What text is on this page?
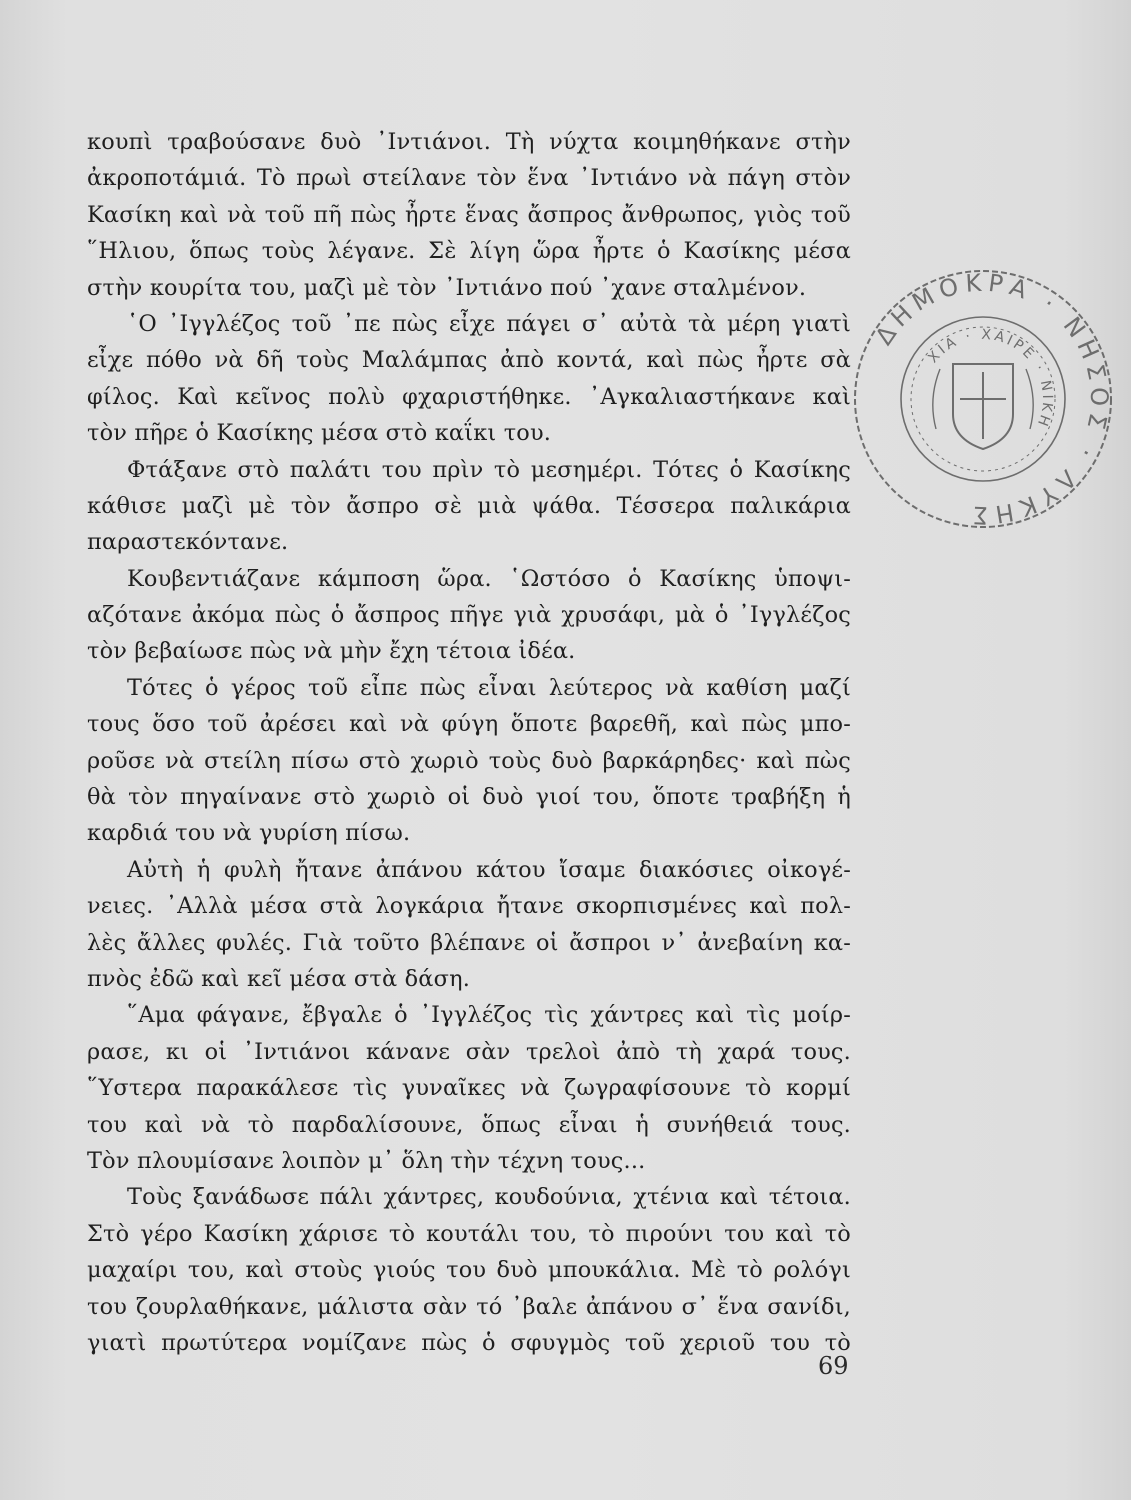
κουπὶ τραβούσανε δυὸ ᾿Ιντιάνοι. Τὴ νύχτα κοιμηθήκανε στὴν
ἀκροποτάμιά. Τὸ πρωὶ στείλανε τὸν ἕνα ᾿Ιντιάνο νὰ πάγη στὸν
Κασίκη καὶ νὰ τοῦ πῆ πὼς ἦρτε ἕνας ἄσπρος ἄνθρωπος, γιὸς τοῦ
῞Ηλιου, ὅπως τοὺς λέγανε. Σὲ λίγη ὥρα ἦρτε ὁ Κασίκης μέσα
στὴν κουρίτα του, μαζὶ μὲ τὸν ᾿Ιντιάνο πού ᾿χανε σταλμένον.
῾Ο ᾿Ιγγλέζος τοῦ ᾿πε πὼς εἶχε πάγει σ᾿ αὐτὰ τὰ μέρη γιατὶ
εἶχε πόθο νὰ δῆ τοὺς Μαλάμπας ἀπὸ κοντά, καὶ πὼς ἦρτε σὰ
φίλος. Καὶ κεῖνος πολὺ φχαριστήθηκε. ᾿Αγκαλιαστήκανε καὶ
τὸν πῆρε ὁ Κασίκης μέσα στὸ καΐκι του.
Φτάξανε στὸ παλάτι του πρὶν τὸ μεσημέρι. Τότες ὁ Κασίκης
κάθισε μαζὶ μὲ τὸν ἄσπρο σὲ μιὰ ψάθα. Τέσσερα παλικάρια
παραστεκόντανε.
Κουβεντιάζανε κάμποση ὥρα. ῾Ωστόσο ὁ Κασίκης ὑποψι-
αζότανε ἀκόμα πὼς ὁ ἄσπρος πῆγε γιὰ χρυσάφι, μὰ ὁ ᾿Ιγγλέζος
τὸν βεβαίωσε πὼς νὰ μὴν ἔχη τέτοια ἰδέα.
Τότες ὁ γέρος τοῦ εἶπε πὼς εἶναι λεύτερος νὰ καθίση μαζί
τους ὅσο τοῦ ἀρέσει καὶ νὰ φύγη ὅποτε βαρεθῆ, καὶ πὼς μπο-
ροῦσε νὰ στείλη πίσω στὸ χωριὸ τοὺς δυὸ βαρκάρηδες· καὶ πὼς
θὰ τὸν πηγαίνανε στὸ χωριὸ οἱ δυὸ γιοί του, ὅποτε τραβήξη ἡ
καρδιά του νὰ γυρίση πίσω.
Αὐτὴ ἡ φυλὴ ἤτανε ἀπάνου κάτου ἴσαμε διακόσιες οἰκογέ-
νειες. ᾿Αλλὰ μέσα στὰ λογκάρια ἤτανε σκορπισμένες καὶ πολ-
λὲς ἄλλες φυλές. Γιὰ τοῦτο βλέπανε οἱ ἄσπροι ν᾿ ἀνεβαίνη κα-
πνὸς ἐδῶ καὶ κεῖ μέσα στὰ δάση.
῞Αμα φάγανε, ἔβγαλε ὁ ᾿Ιγγλέζος τὶς χάντρες καὶ τὶς μοίρ-
ρασε, κι οἱ ᾿Ιντιάνοι κάνανε σὰν τρελοὶ ἀπὸ τὴ χαρά τους.
῞Υστερα παρακάλεσε τὶς γυναῖκες νὰ ζωγραφίσουνε τὸ κορμί
του καὶ νὰ τὸ παρδαλίσουνε, ὅπως εἶναι ἡ συνήθειά τους.
Τὸν πλουμίσανε λοιπὸν μ᾿ ὅλη τὴν τέχνη τους...
Τοὺς ξανάδωσε πάλι χάντρες, κουδούνια, χτένια καὶ τέτοια.
Στὸ γέρο Κασίκη χάρισε τὸ κουτάλι του, τὸ πιρούνι του καὶ τὸ
μαχαίρι του, καὶ στοὺς γιούς του δυὸ μπουκάλια. Μὲ τὸ ρολόγι
του ζουρλαθήκανε, μάλιστα σὰν τό ᾿βαλε ἀπάνου σ᾿ ἕνα σανίδι,
γιατὶ πρωτύτερα νομίζανε πὼς ὁ σφυγμὸς τοῦ χεριοῦ του τὸ
69
ΔΗΜΟΚΡΑ · ΝΗΣΟΣ · ΛΥΚΗΣ
ΧΙΑ · ΧΑΙΡΕ · ΝΙΚΗ
